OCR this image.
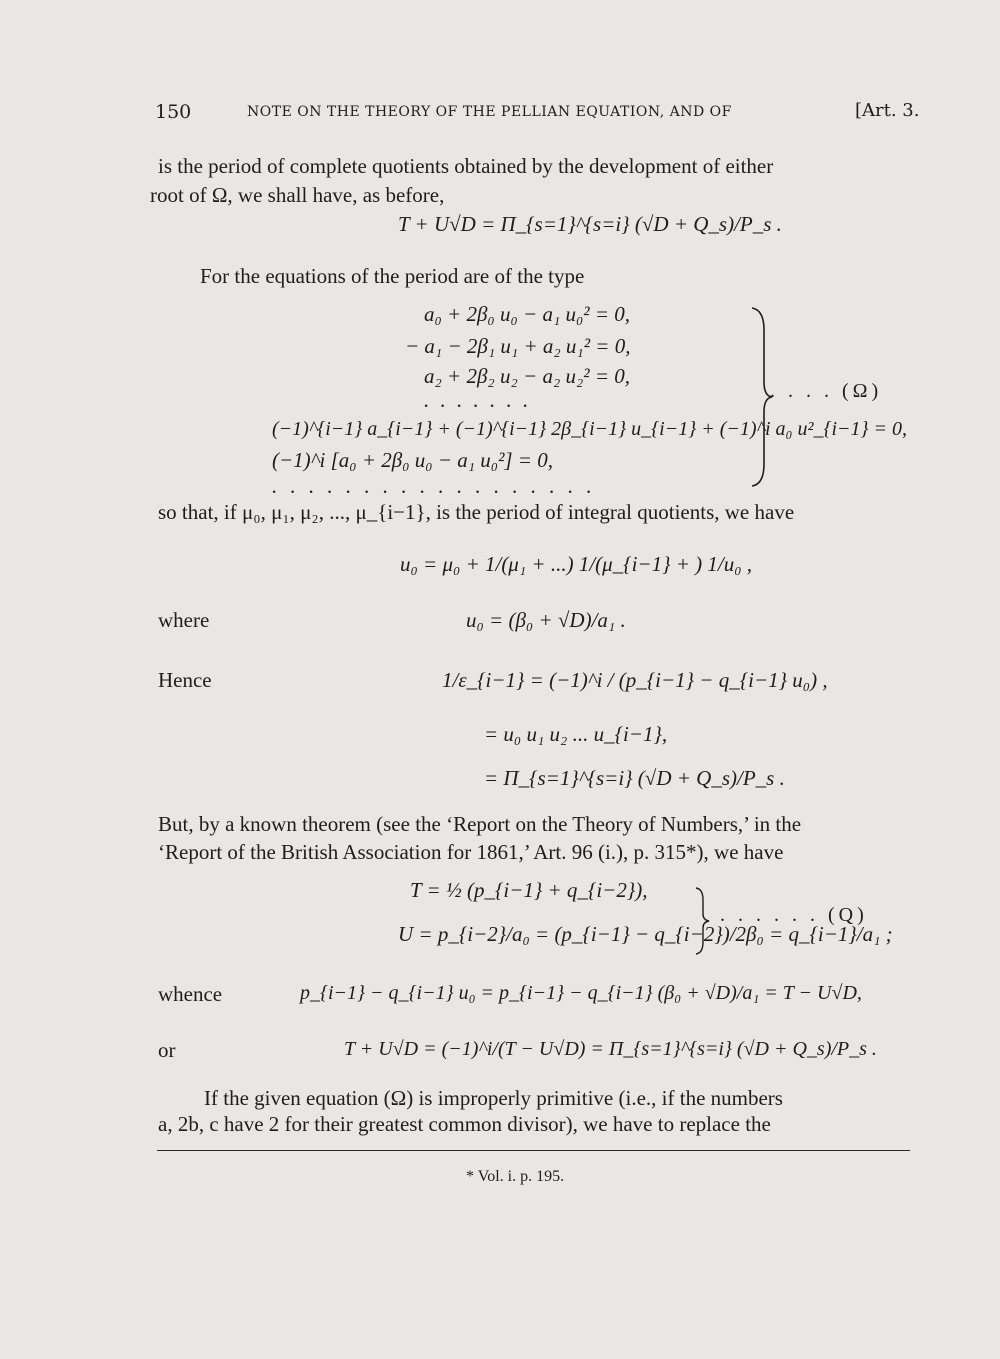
150	NOTE ON THE THEORY OF THE PELLIAN EQUATION, AND OF	[Art. 3.
is the period of complete quotients obtained by the development of either
root of Ω, we shall have, as before,
T + U√D = Π_{s=1}^{s=i} (√D + Q_s)/P_s .
For the equations of the period are of the type
a₀ + 2β₀ u₀ − a₁ u₀² = 0,
− a₁ − 2β₁ u₁ + a₂ u₁² = 0,
a₂ + 2β₂ u₂ − a₂ u₂² = 0,
. . . . . . .
(−1)^{i−1} a_{i−1} + (−1)^{i−1} 2β_{i−1} u_{i−1} + (−1)^i a₀ u²_{i−1} = 0,
(−1)^i [a₀ + 2β₀ u₀ − a₁ u₀²] = 0,
. . . . . . . . . . . . . . . . . .
. . . . (Ω)
so that, if μ₀, μ₁, μ₂, ..., μ_{i−1}, is the period of integral quotients, we have
u₀ = μ₀ + 1/(μ₁ + ...) 1/(μ_{i−1} + ) 1/u₀ ,
where	u₀ = (β₀ + √D)/a₁ .
Hence	1/ε_{i−1} = (−1)^i / (p_{i−1} − q_{i−1} u₀) ,
= u₀ u₁ u₂ ... u_{i−1},
= Π_{s=1}^{s=i} (√D + Q_s)/P_s .
But, by a known theorem (see the ‘Report on the Theory of Numbers,’ in the
‘Report of the British Association for 1861,’ Art. 96 (i.), p. 315*), we have
T = ½ (p_{i−1} + q_{i−2}),
U = p_{i−2}/a₀ = (p_{i−1} − q_{i−2})/2β₀ = q_{i−1}/a₁ ;
. . . . . . (Q)
whence	p_{i−1} − q_{i−1} u₀ = p_{i−1} − q_{i−1} (β₀ + √D)/a₁ = T − U√D,
or	T + U√D = (−1)^i/(T − U√D) = Π_{s=1}^{s=i} (√D + Q_s)/P_s .
If the given equation (Ω) is improperly primitive (i.e., if the numbers
a, 2b, c have 2 for their greatest common divisor), we have to replace the
* Vol. i. p. 195.
